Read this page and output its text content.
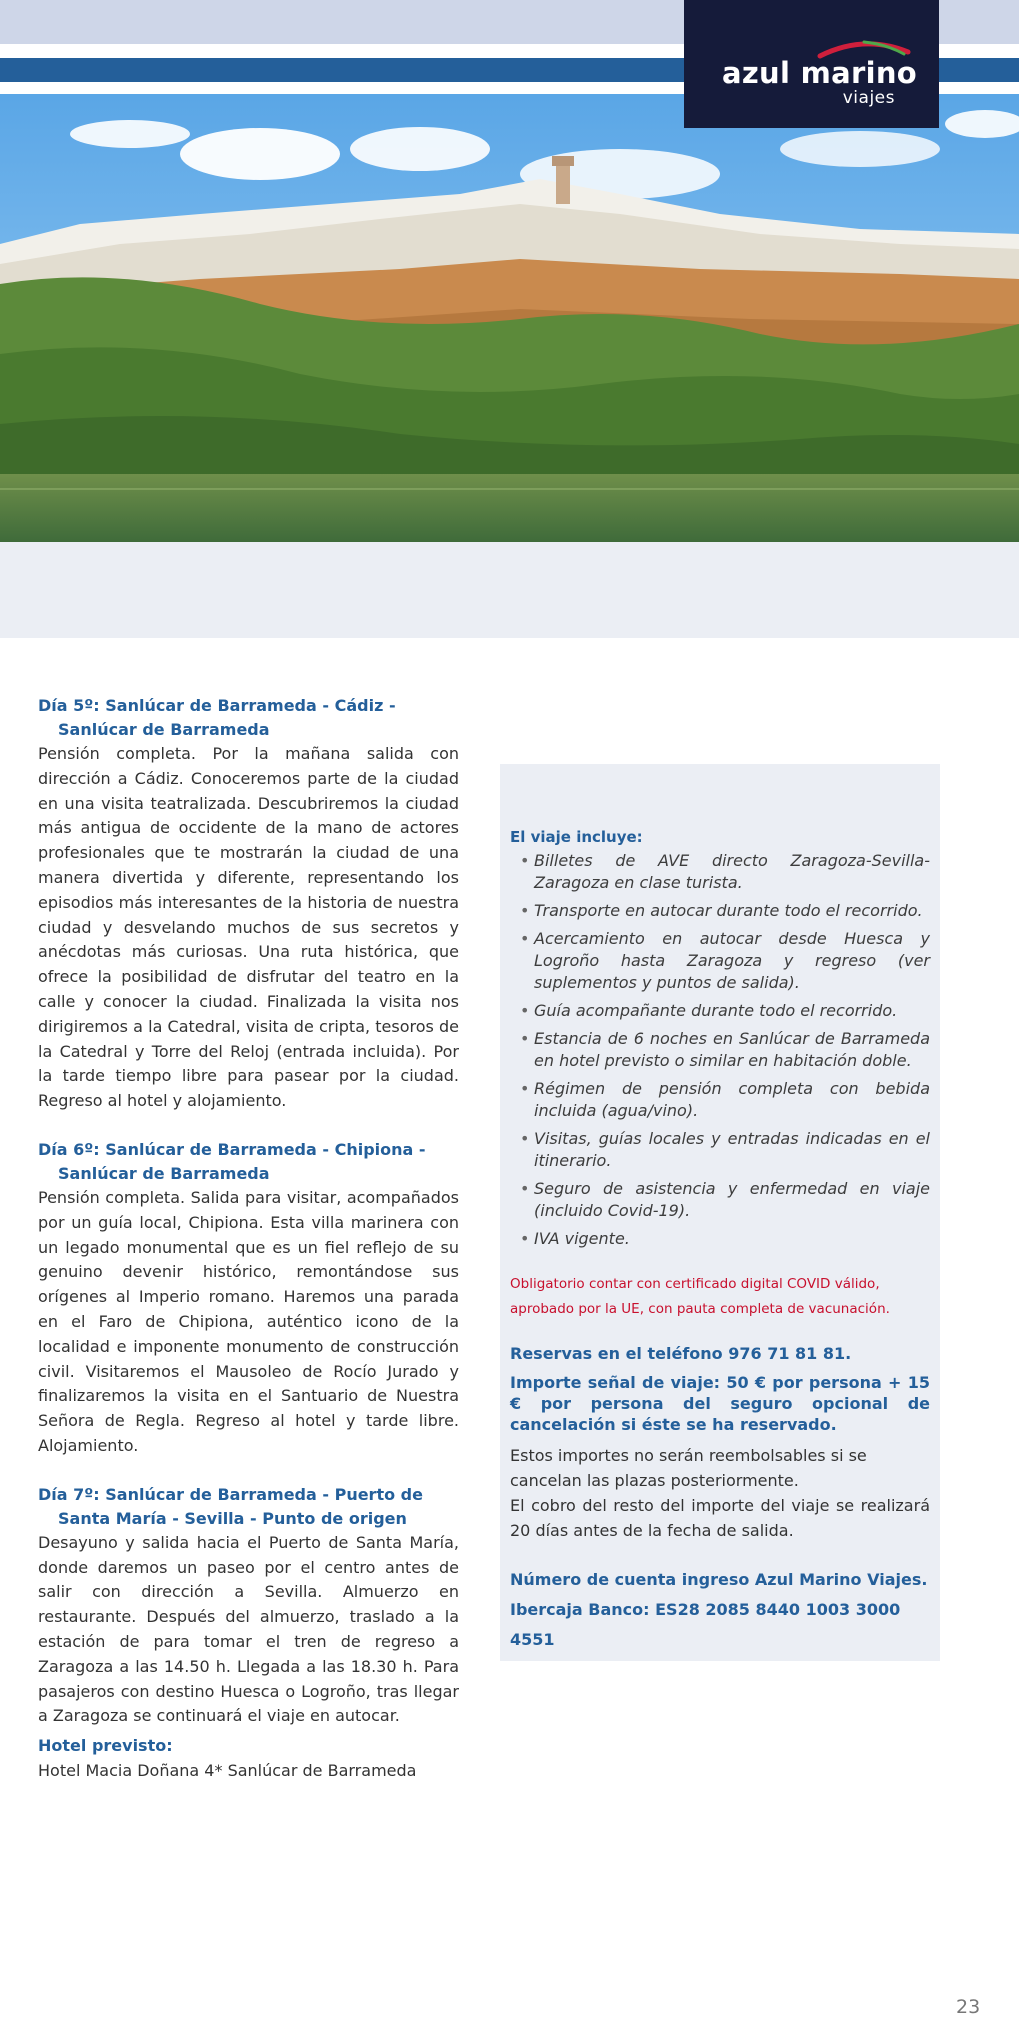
azul marino
viajes
Día 5º: Sanlúcar de Barrameda - Cádiz - Sanlúcar de Barrameda
Pensión completa. Por la mañana salida con dirección a Cádiz. Conoceremos parte de la ciudad en una visita teatralizada. Descubriremos la ciudad más antigua de occidente de la mano de actores profesionales que te mostrarán la ciudad de una manera divertida y diferente, representando los episodios más interesantes de la historia de nuestra ciudad y desvelando muchos de sus secretos y anécdotas más curiosas. Una ruta histórica, que ofrece la posibilidad de disfrutar del teatro en la calle y conocer la ciudad. Finalizada la visita nos dirigiremos a la Catedral, visita de cripta, tesoros de la Catedral y Torre del Reloj (entrada incluida). Por la tarde tiempo libre para pasear por la ciudad. Regreso al hotel y alojamiento.
Día 6º: Sanlúcar de Barrameda - Chipiona - Sanlúcar de Barrameda
Pensión completa. Salida para visitar, acompañados por un guía local, Chipiona. Esta villa marinera con un legado monumental que es un fiel reflejo de su genuino devenir histórico, remontándose sus orígenes al Imperio romano. Haremos una parada en el Faro de Chipiona, auténtico icono de la localidad e imponente monumento de construcción civil. Visitaremos el Mausoleo de Rocío Jurado y finalizaremos la visita en el Santuario de Nuestra Señora de Regla. Regreso al hotel y tarde libre. Alojamiento.
Día 7º: Sanlúcar de Barrameda - Puerto de Santa María - Sevilla - Punto de origen
Desayuno y salida hacia el Puerto de Santa María, donde daremos un paseo por el centro antes de salir con dirección a Sevilla. Almuerzo en restaurante. Después del almuerzo, traslado a la estación de para tomar el tren de regreso a Zaragoza a las 14.50 h. Llegada a las 18.30 h. Para pasajeros con destino Huesca o Logroño, tras llegar a Zaragoza se continuará el viaje en autocar.
Hotel previsto:
Hotel Macia Doñana 4* Sanlúcar de Barrameda
El viaje incluye:
• Billetes de AVE directo Zaragoza-Sevilla-Zaragoza en clase turista.
• Transporte en autocar durante todo el recorrido.
• Acercamiento en autocar desde Huesca y Logroño hasta Zaragoza y regreso (ver suplementos y puntos de salida).
• Guía acompañante durante todo el recorrido.
• Estancia de 6 noches en Sanlúcar de Barrameda en hotel previsto o similar en habitación doble.
• Régimen de pensión completa con bebida incluida (agua/vino).
• Visitas, guías locales y entradas indicadas en el itinerario.
• Seguro de asistencia y enfermedad en viaje (incluido Covid-19).
• IVA vigente.
Obligatorio contar con certificado digital COVID válido, aprobado por la UE, con pauta completa de vacunación.
Reservas en el teléfono 976 71 81 81.
Importe señal de viaje: 50 € por persona + 15 € por persona del seguro opcional de cancelación si éste se ha reservado.
Estos importes no serán reembolsables si se cancelan las plazas posteriormente.
El cobro del resto del importe del viaje se realizará 20 días antes de la fecha de salida.
Número de cuenta ingreso Azul Marino Viajes.
Ibercaja Banco: ES28 2085 8440 1003 3000 4551
23
